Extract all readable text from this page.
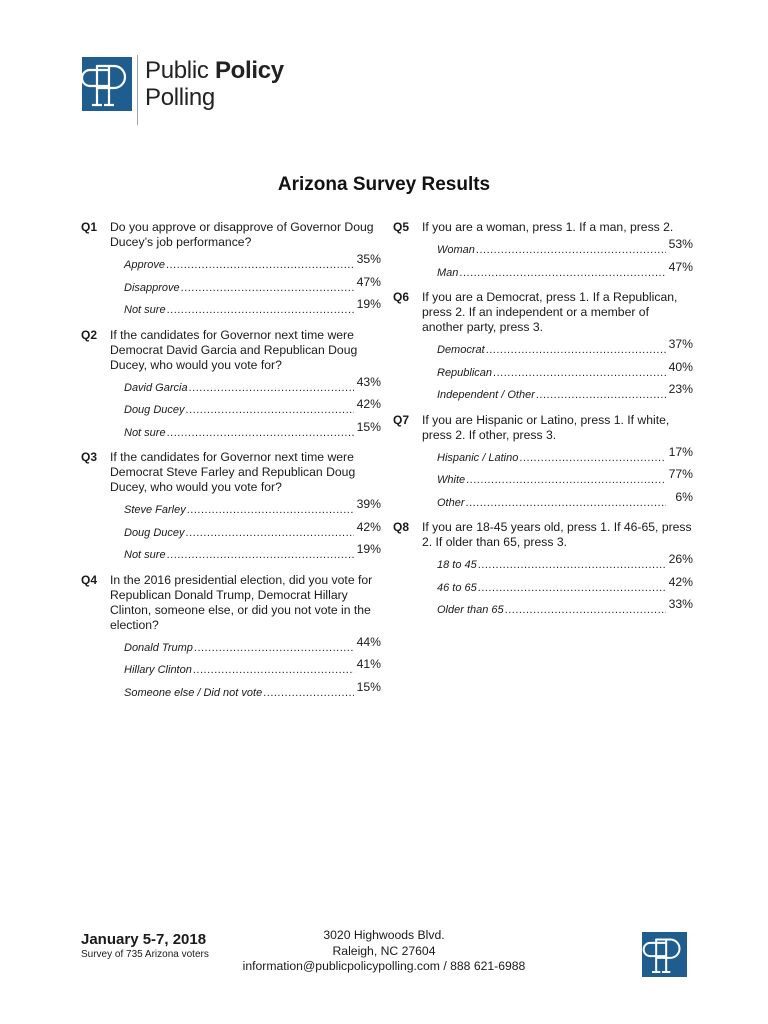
Public Policy
Polling
Arizona Survey Results
Q1	Do you approve or disapprove of Governor Doug Ducey’s job performance?
Approve .....	35%
Disapprove .....	47%
Not sure .....	19%
Q2	If the candidates for Governor next time were Democrat David Garcia and Republican Doug Ducey, who would you vote for?
David Garcia .....	43%
Doug Ducey .....	42%
Not sure .....	15%
Q3	If the candidates for Governor next time were Democrat Steve Farley and Republican Doug Ducey, who would you vote for?
Steve Farley .....	39%
Doug Ducey .....	42%
Not sure .....	19%
Q4	In the 2016 presidential election, did you vote for Republican Donald Trump, Democrat Hillary Clinton, someone else, or did you not vote in the election?
Donald Trump .....	44%
Hillary Clinton .....	41%
Someone else / Did not vote .....	15%
Q5	If you are a woman, press 1. If a man, press 2.
Woman .....	53%
Man .....	47%
Q6	If you are a Democrat, press 1. If a Republican, press 2. If an independent or a member of another party, press 3.
Democrat .....	37%
Republican .....	40%
Independent / Other .....	23%
Q7	If you are Hispanic or Latino, press 1. If white, press 2. If other, press 3.
Hispanic / Latino .....	17%
White .....	77%
Other .....	6%
Q8	If you are 18-45 years old, press 1. If 46-65, press 2. If older than 65, press 3.
18 to 45 .....	26%
46 to 65 .....	42%
Older than 65 .....	33%
January 5-7, 2018
Survey of 735 Arizona voters
3020 Highwoods Blvd.
Raleigh, NC 27604
information@publicpolicypolling.com / 888 621-6988
